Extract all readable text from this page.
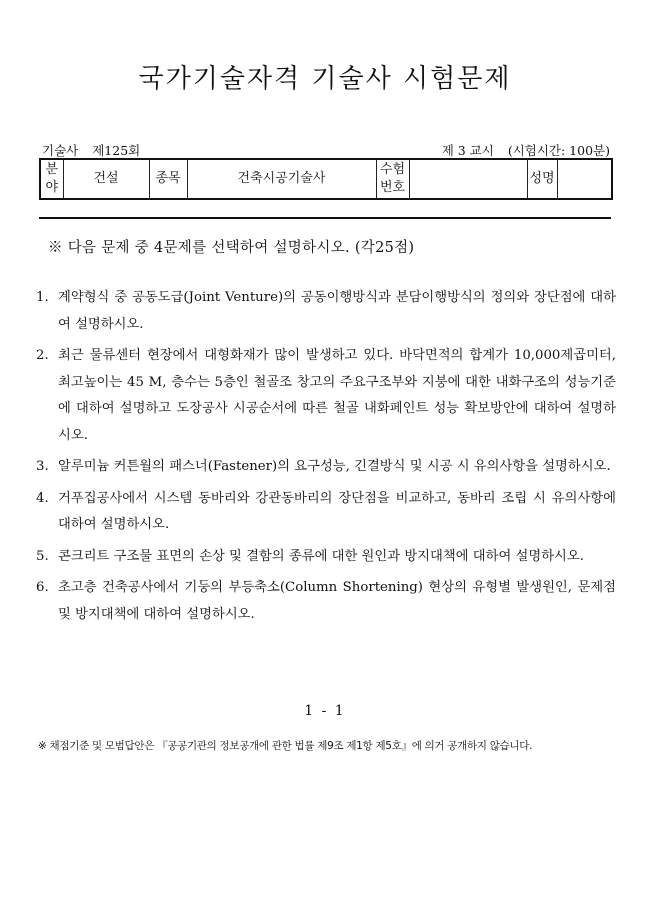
국가기술자격 기술사 시험문제
기술사 제125회	제 3 교시 (시험시간: 100분)
분야	건설	종목	건축시공기술사	수험번호		성명	
※ 다음 문제 중 4문제를 선택하여 설명하시오. (각25점)
1. 계약형식 중 공동도급(Joint Venture)의 공동이행방식과 분담이행방식의 정의와 장단점에 대하여 설명하시오.
2. 최근 물류센터 현장에서 대형화재가 많이 발생하고 있다. 바닥면적의 합계가 10,000제곱미터, 최고높이는 45 M, 층수는 5층인 철골조 창고의 주요구조부와 지붕에 대한 내화구조의 성능기준에 대하여 설명하고 도장공사 시공순서에 따른 철골 내화페인트 성능 확보방안에 대하여 설명하시오.
3. 알루미늄 커튼월의 패스너(Fastener)의 요구성능, 긴결방식 및 시공 시 유의사항을 설명하시오.
4. 거푸집공사에서 시스템 동바리와 강관동바리의 장단점을 비교하고, 동바리 조립 시 유의사항에 대하여 설명하시오.
5. 콘크리트 구조물 표면의 손상 및 결함의 종류에 대한 원인과 방지대책에 대하여 설명하시오.
6. 초고층 건축공사에서 기둥의 부등축소(Column Shortening) 현상의 유형별 발생원인, 문제점 및 방지대책에 대하여 설명하시오.
1 - 1
※ 채점기준 및 모범답안은 『공공기관의 정보공개에 관한 법률 제9조 제1항 제5호』에 의거 공개하지 않습니다.
